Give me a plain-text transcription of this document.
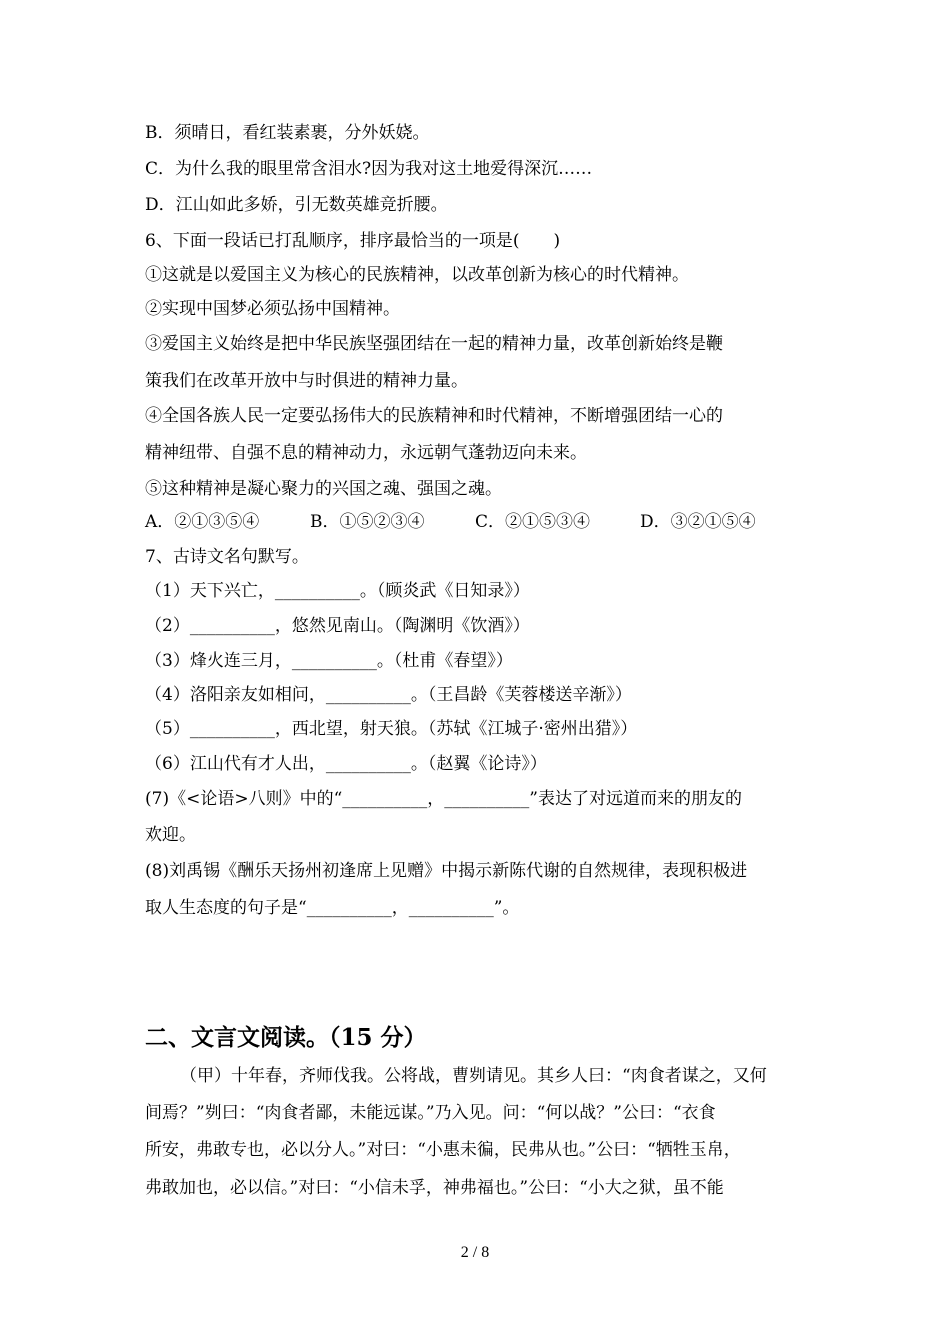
B．须晴日，看红装素裹，分外妖娆。
C．为什么我的眼里常含泪水?因为我对这土地爱得深沉……
D．江山如此多娇，引无数英雄竞折腰。
6、下面一段话已打乱顺序，排序最恰当的一项是(　　)
①这就是以爱国主义为核心的民族精神，以改革创新为核心的时代精神。
②实现中国梦必须弘扬中国精神。
③爱国主义始终是把中华民族坚强团结在一起的精神力量，改革创新始终是鞭
策我们在改革开放中与时俱进的精神力量。
④全国各族人民一定要弘扬伟大的民族精神和时代精神，不断增强团结一心的
精神纽带、自强不息的精神动力，永远朝气蓬勃迈向未来。
⑤这种精神是凝心聚力的兴国之魂、强国之魂。
A．②①③⑤④	B．①⑤②③④	C．②①⑤③④	D．③②①⑤④
7、古诗文名句默写。
（1）天下兴亡，__________。（顾炎武《日知录》）
（2）__________，悠然见南山。（陶渊明《饮酒》）
（3）烽火连三月，__________。（杜甫《春望》）
（4）洛阳亲友如相问，__________。（王昌龄《芙蓉楼送辛渐》）
（5）__________，西北望，射天狼。（苏轼《江城子·密州出猎》）
（6）江山代有才人出，__________。（赵翼《论诗》）
(7)《<论语>八则》中的“__________，__________”表达了对远道而来的朋友的
欢迎。
(8)刘禹锡《酬乐天扬州初逢席上见赠》中揭示新陈代谢的自然规律，表现积极进
取人生态度的句子是“__________，__________”。
二、文言文阅读。（15 分）
（甲）十年春，齐师伐我。公将战，曹刿请见。其乡人曰：“肉食者谋之，又何
间焉？”刿曰：“肉食者鄙，未能远谋。”乃入见。问：“何以战？”公曰：“衣食
所安，弗敢专也，必以分人。”对曰：“小惠未徧，民弗从也。”公曰：“牺牲玉帛，
弗敢加也，必以信。”对曰：“小信未孚，神弗福也。”公曰：“小大之狱，虽不能
2 / 8
